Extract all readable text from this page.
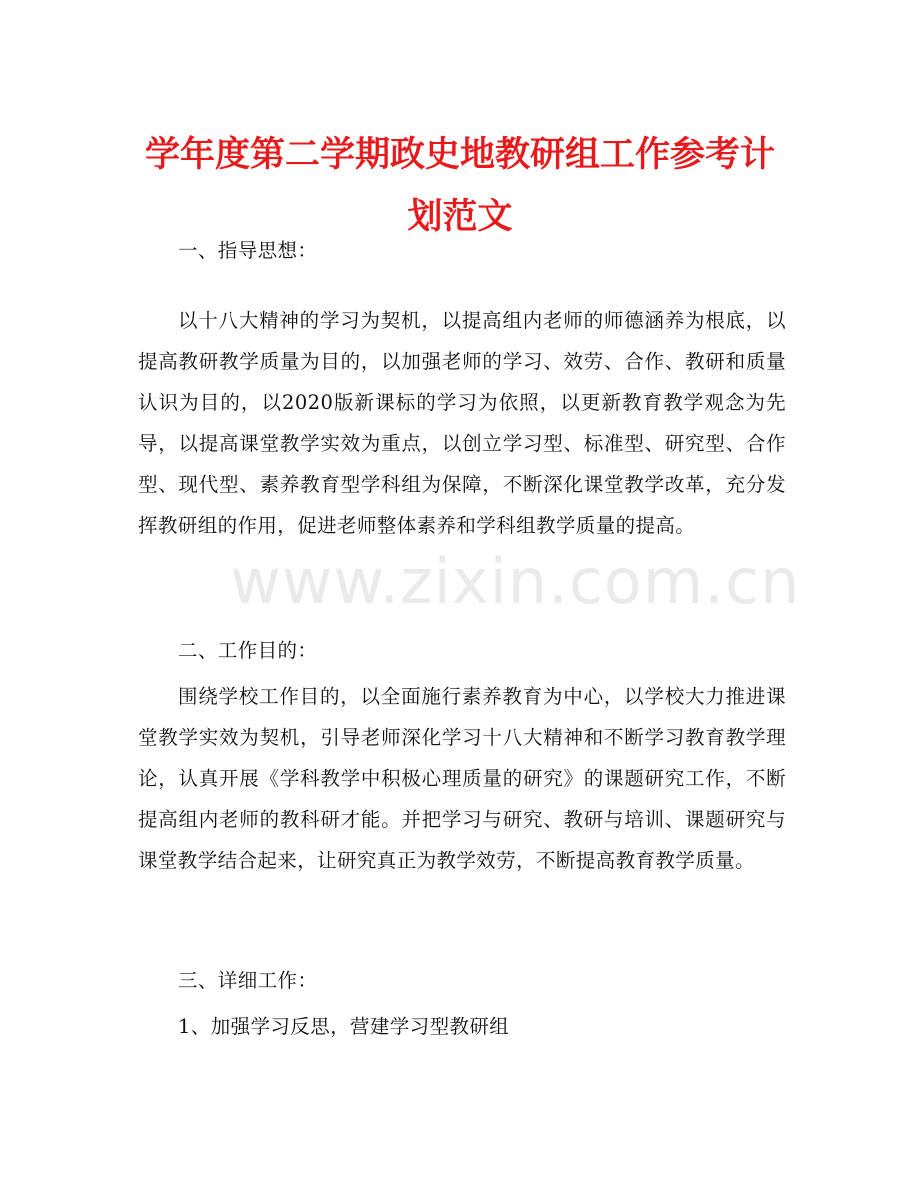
学年度第二学期政史地教研组工作参考计
划范文

一、指导思想：

以十八大精神的学习为契机，以提高组内老师的师德涵养为根底，以提高教研教学质量为目的，以加强老师的学习、效劳、合作、教研和质量认识为目的，以2020版新课标的学习为依照，以更新教育教学观念为先导，以提高课堂教学实效为重点，以创立学习型、标准型、研究型、合作型、现代型、素养教育型学科组为保障，不断深化课堂教学改革，充分发挥教研组的作用，促进老师整体素养和学科组教学质量的提高。

二、工作目的：

围绕学校工作目的，以全面施行素养教育为中心，以学校大力推进课堂教学实效为契机，引导老师深化学习十八大精神和不断学习教育教学理论，认真开展《学科教学中积极心理质量的研究》的课题研究工作，不断提高组内老师的教科研才能。并把学习与研究、教研与培训、课题研究与课堂教学结合起来，让研究真正为教学效劳，不断提高教育教学质量。

三、详细工作：

1、加强学习反思，营建学习型教研组

www.zixin.com.cn
